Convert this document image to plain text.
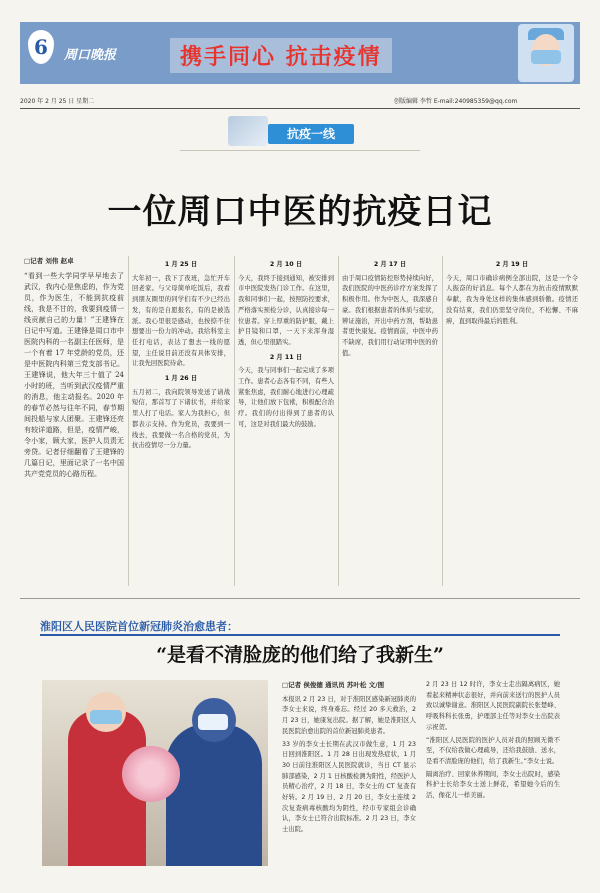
6	周口晚报	携手同心 抗击疫情
2020 年 2 月 25 日 星期二	创版编辑 李哲 E-mail:240985359@qq.com
抗疫一线
一位周口中医的抗疫日记
□记者 刘伟 赵卓

“看到一些大学同学早早地去了武汉，我内心是焦虑的，作为党员，作为医生，不能到抗疫前线，我是不甘的，我要到疫情一线贡献自己的力量！”王建锋在日记中写道。王建锋是周口市中医院内科的一名副主任医师，是一个有着 17 年党龄的党员，还是中医院内科第三党支部书记。王建锋说，他大年三十值了 24 小时的班，当听到武汉疫情严重的消息，他主动报名。2020 年的春节必然与往年不同，春节期间投船与家人团聚。王建锋还亮有较详道路，但是，疫情严峻，令小家，顾大家，医护人员责无旁贷。记者仔细翻看了王建锋的几篇日记，里面记录了一名中国共产党党员的心路历程。

1 月 25 日

大年初一，我下了夜班，急忙开车回老家。与父母简单吃饭后，我看到朋友圈里的同学们有不少已经出发，有的是自愿报名，有的是被选派。我心里很是感动，也按捺不住想要出一份力的冲动。我给科室主任打电话，表达了想去一线的愿望，主任说目前还没有具体安排，让我先回医院待命。

1 月 26 日

五月初二，我向院领导发送了请战短信，那首写了下诸状书，并给家里人打了电话。家人为我担心，但都表示支持。作为党员，我要到一线去，我要做一名合格的党员，为抗击疫情尽一分力量。

2 月 10 日

今天，我终于接到通知，被安排到市中医院发热门诊工作。在这里，我和同事们一起，按照防控要求，严格落实预检分诊，认真接诊每一位患者。穿上厚重的防护服，戴上护目镜和口罩，一天下来浑身湿透，但心里很踏实。

2 月 11 日

今天，我与同事们一起完成了多项工作。患者心态各有不同，有些人紧张焦虑，我们耐心地进行心理疏导，让他们放下包袱，积极配合治疗。我们的付出得到了患者的认可，这是对我们最大的鼓励。

2 月 17 日

由于周口疫情防控形势持续向好，我们医院的中医药诊疗方案发挥了积极作用。作为中医人，我深感自豪。我们根据患者的体质与症状，辨证施治，开出中药方剂，帮助患者更快康复。疫情面前，中医中药不缺席，我们用行动证明中医的价值。

2 月 19 日

今天，周口市确诊病例全部出院，这是一个令人振奋的好消息。每个人都在为抗击疫情默默奉献，我为身处这样的集体感到骄傲。疫情还没有结束，我们仍需坚守岗位，不松懈、不麻痹，直到取得最后的胜利。

淮阳区人民医院首位新冠肺炎治愈患者：
“是看不清脸庞的他们给了我新生”
□记者 侯俊德 通讯员 苏叶松 文/图

本报讯 2 月 23 日，对于淮阳区感染新冠肺炎的李女士来说，终身难忘。经过 20 多天救治，2 月 23 日，她康复出院。据了解，她是淮阳区人民医院治愈出院的首位新冠肺炎患者。

33 岁的李女士长期在武汉市做生意，1 月 23 日回到淮阳区。1 月 28 日出现发热症状，1 月 30 日前往淮阳区人民医院就诊，当日 CT 显示肺部感染，2 月 1 日核酸检测为阳性，经医护人员精心治疗，2 月 18 日，李女士的 CT 复查有好转。2 月 19 日、2 月 20 日，李女士连续 2 次复查病毒核酸均为阴性，经市专家组会诊确认，李女士已符合出院标准。2 月 23 日，李女士出院。

2 月 23 日 12 时许，李女士走出隔离病区，她看起来精神状态很好，并向前来送行的医护人员致以诚挚谢意。淮阳区人民医院副院长张楚峰、呼吸科科长张勇，护理部主任等对李女士出院表示祝贺。

“淮阳区人民医院的医护人员对我的照顾无微不至，不仅给我做心理疏导，还给我鼓励、送水，是看不清脸庞的他们，给了我新生。”李女士说。

隔离治疗、回家休养期间，李女士出院时，感染科护士长给李女士送上鲜花，希望她今后的生活，像花儿一样美丽。
